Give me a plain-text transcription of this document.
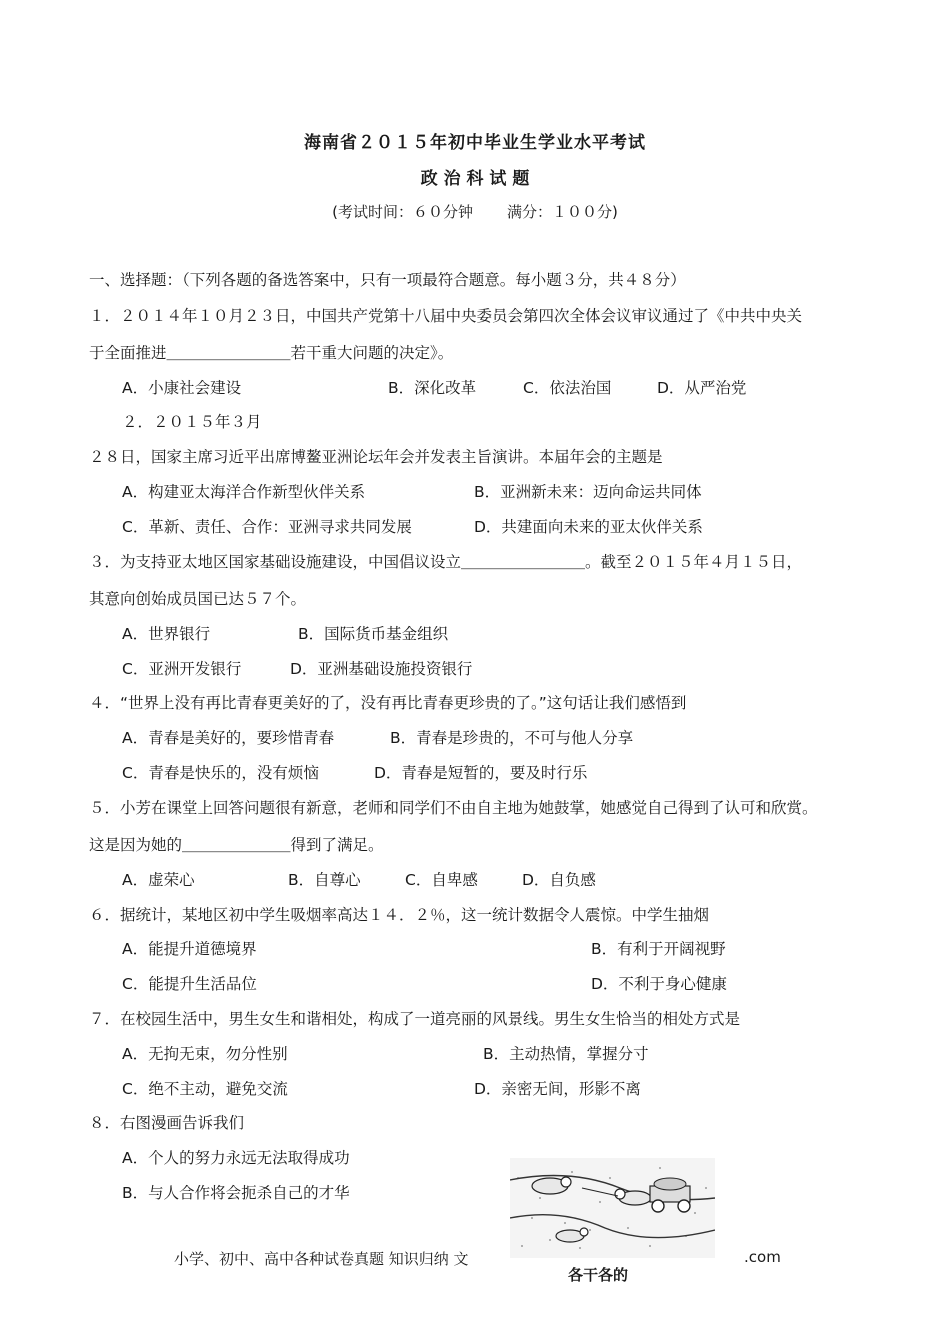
海南省２０１５年初中毕业生学业水平考试
政 治 科 试 题
(考试时间：６０分钟 满分：１００分)
一、选择题：（下列各题的备选答案中，只有一项最符合题意。每小题３分，共４８分）
１．２０１４年１０月２３日，中国共产党第十八届中央委员会第四次全体会议审议通过了《中共中央关
于全面推进＿＿＿＿＿＿＿＿若干重大问题的决定》。
A．小康社会建设	B．深化改革	C．依法治国	D．从严治党
２．２０１５年３月
２８日，国家主席习近平出席博鳌亚洲论坛年会并发表主旨演讲。本届年会的主题是
A．构建亚太海洋合作新型伙伴关系	B．亚洲新未来：迈向命运共同体
C．革新、责任、合作：亚洲寻求共同发展	D．共建面向未来的亚太伙伴关系
３．为支持亚太地区国家基础设施建设，中国倡议设立＿＿＿＿＿＿＿＿。截至２０１５年４月１５日，
其意向创始成员国已达５７个。
A．世界银行	B．国际货币基金组织
C．亚洲开发银行	D．亚洲基础设施投资银行
４．“世界上没有再比青春更美好的了，没有再比青春更珍贵的了。”这句话让我们感悟到
A．青春是美好的，要珍惜青春	B．青春是珍贵的，不可与他人分享
C．青春是快乐的，没有烦恼	D．青春是短暂的，要及时行乐
５．小芳在课堂上回答问题很有新意，老师和同学们不由自主地为她鼓掌，她感觉自己得到了认可和欣赏。
这是因为她的＿＿＿＿＿＿＿得到了满足。
A．虚荣心	B．自尊心	C．自卑感	D．自负感
６．据统计，某地区初中学生吸烟率高达１４．２％，这一统计数据令人震惊。中学生抽烟
A．能提升道德境界	B．有利于开阔视野
C．能提升生活品位	D．不利于身心健康
７．在校园生活中，男生女生和谐相处，构成了一道亮丽的风景线。男生女生恰当的相处方式是
A．无拘无束，勿分性别	B．主动热情，掌握分寸
C．绝不主动，避免交流	D．亲密无间，形影不离
８．右图漫画告诉我们
A．个人的努力永远无法取得成功
B．与人合作将会扼杀自己的才华
各干各的
小学、初中、高中各种试卷真题 知识归纳 文	.com
